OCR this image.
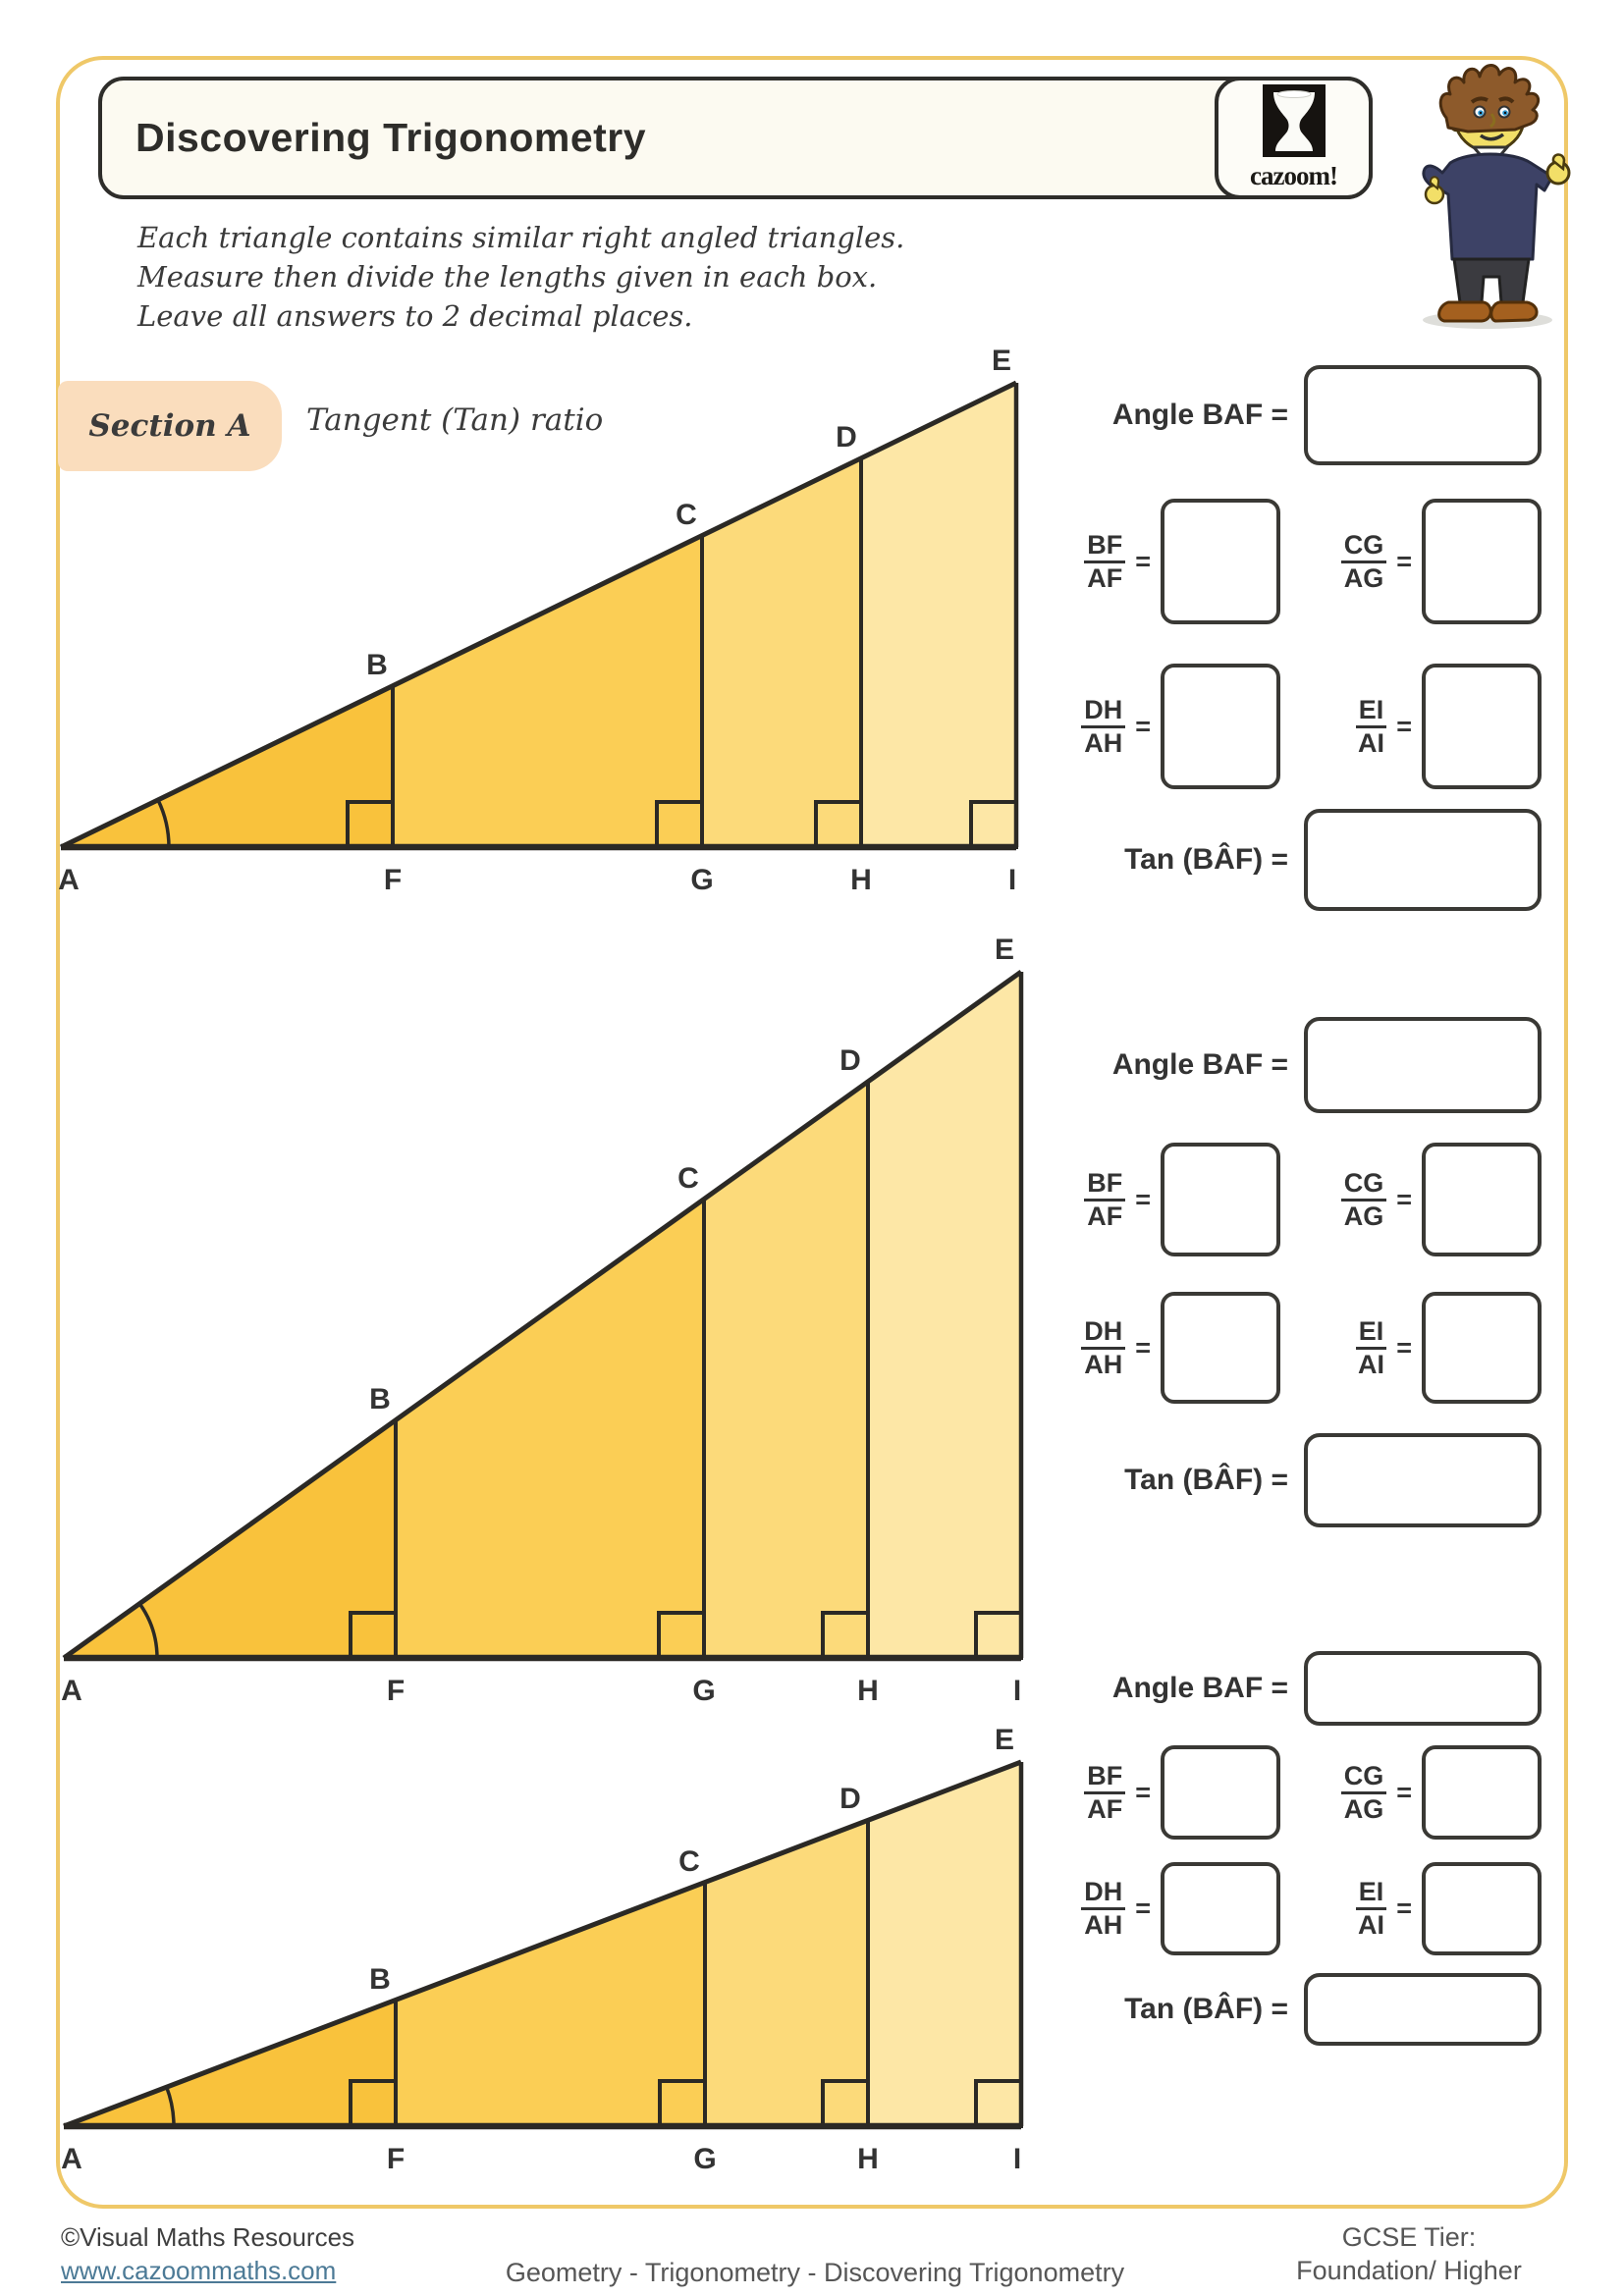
Discovering Trigonometry
cazoom!
Each triangle contains similar right angled triangles.
Measure then divide the lengths given in each box.
Leave all answers to 2 decimal places.
Section A Tangent (Tan) ratio
A	F	G	H	I
B
C
D
E
A	F	G	H	I
B
C
D
E
A	F	G	H	I
B
C
D
E
Angle BAF =
$\frac{BF}{AF}$ =	$\frac{CG}{AG}$ =
$\frac{DH}{AH}$ =	$\frac{EI}{AI}$ =
Tan (BÂF) =
Angle BAF =
$\frac{BF}{AF}$ =	$\frac{CG}{AG}$ =
$\frac{DH}{AH}$ =	$\frac{EI}{AI}$ =
Tan (BÂF) =
Angle BAF =
$\frac{BF}{AF}$ =	$\frac{CG}{AG}$ =
$\frac{DH}{AH}$ =	$\frac{EI}{AI}$ =
Tan (BÂF) =
©Visual Maths Resources
www.cazoommaths.com	Geometry - Trigonometry - Discovering Trigonometry
GCSE Tier:
Foundation/ Higher
